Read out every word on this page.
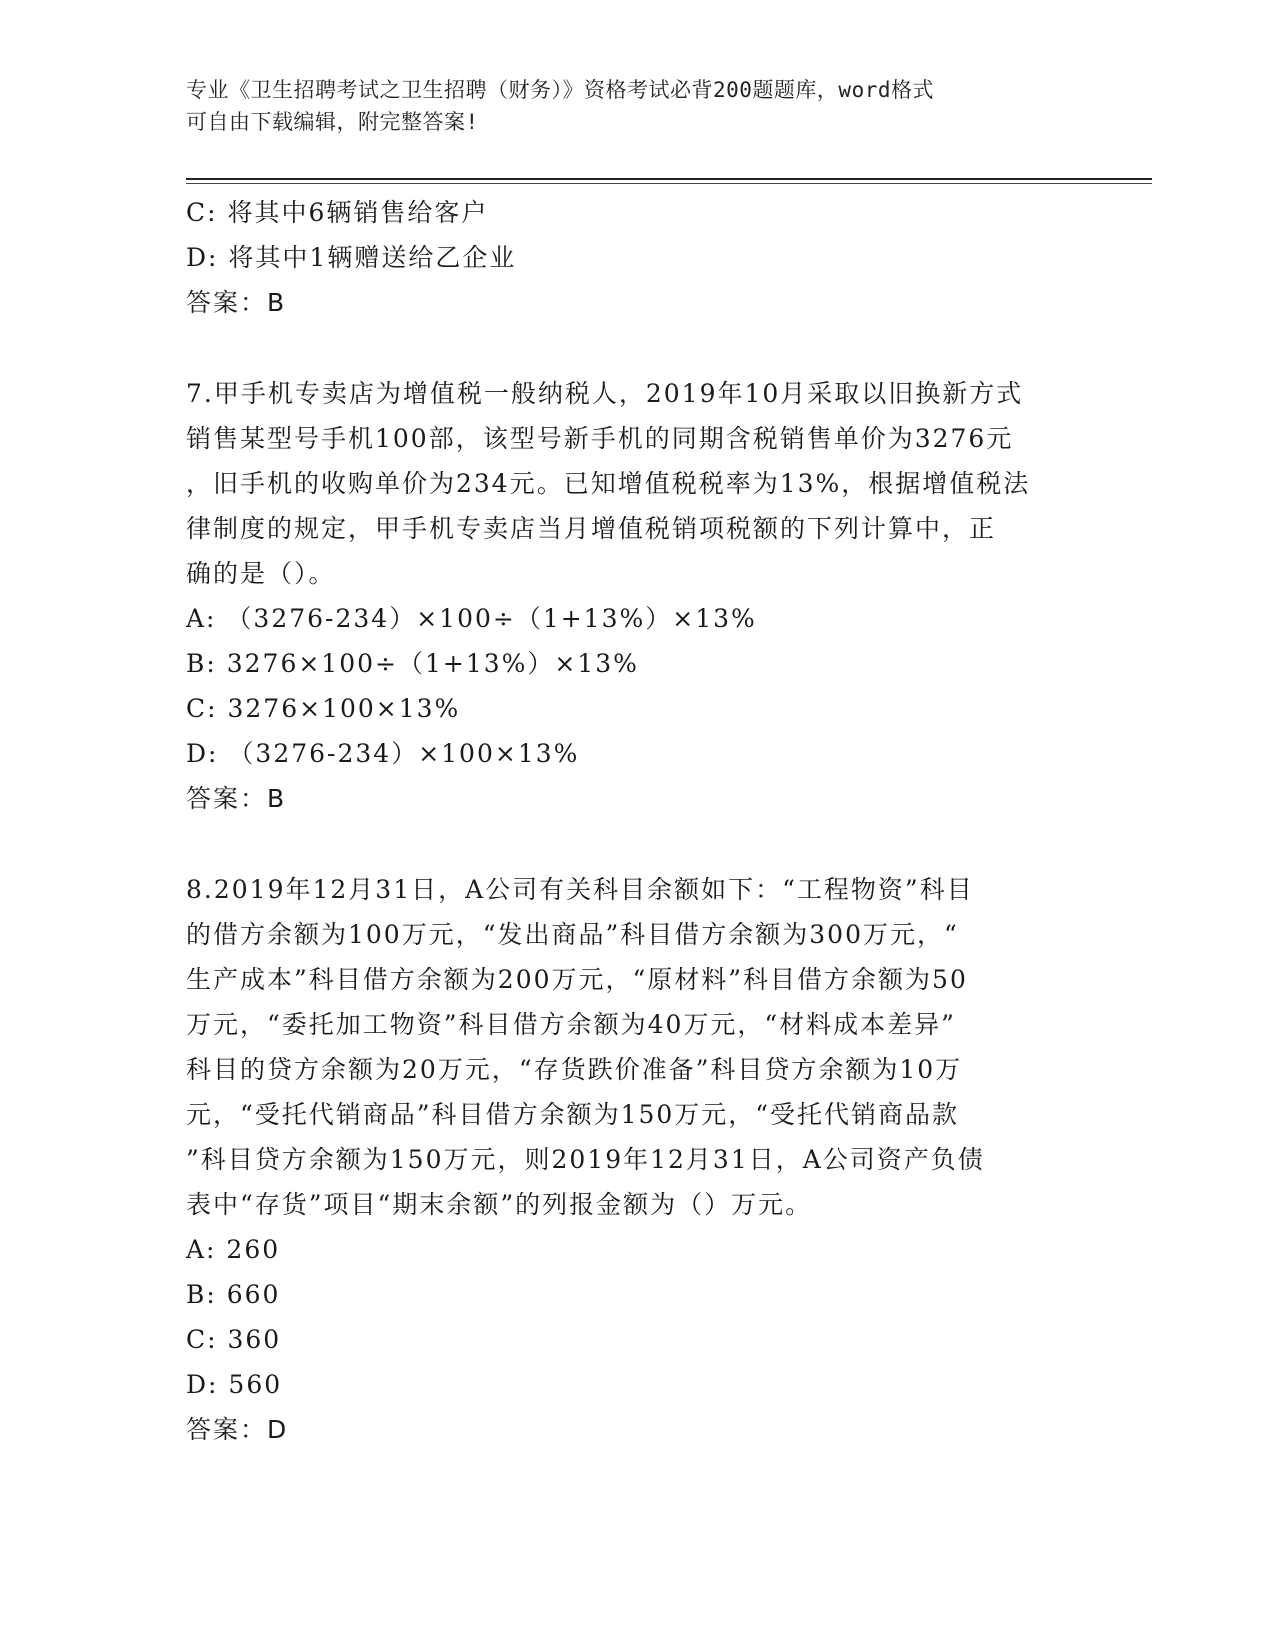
专业《卫生招聘考试之卫生招聘（财务）》资格考试必背200题题库，word格式
可自由下载编辑，附完整答案!
C: 将其中6辆销售给客户
D: 将其中1辆赠送给乙企业
答案：B
7.甲手机专卖店为增值税一般纳税人，2019年10月采取以旧换新方式
销售某型号手机100部，该型号新手机的同期含税销售单价为3276元
，旧手机的收购单价为234元。已知增值税税率为13%，根据增值税法
律制度的规定，甲手机专卖店当月增值税销项税额的下列计算中，正
确的是（）。
A: （3276-234）×100÷（1+13%）×13%
B: 3276×100÷（1+13%）×13%
C: 3276×100×13%
D: （3276-234）×100×13%
答案：B
8.2019年12月31日，A公司有关科目余额如下：“工程物资”科目
的借方余额为100万元，“发出商品”科目借方余额为300万元，“
生产成本”科目借方余额为200万元，“原材料”科目借方余额为50
万元，“委托加工物资”科目借方余额为40万元，“材料成本差异”
科目的贷方余额为20万元，“存货跌价准备”科目贷方余额为10万
元，“受托代销商品”科目借方余额为150万元，“受托代销商品款
”科目贷方余额为150万元，则2019年12月31日，A公司资产负债
表中“存货”项目“期末余额”的列报金额为（）万元。
A: 260
B: 660
C: 360
D: 560
答案：D
